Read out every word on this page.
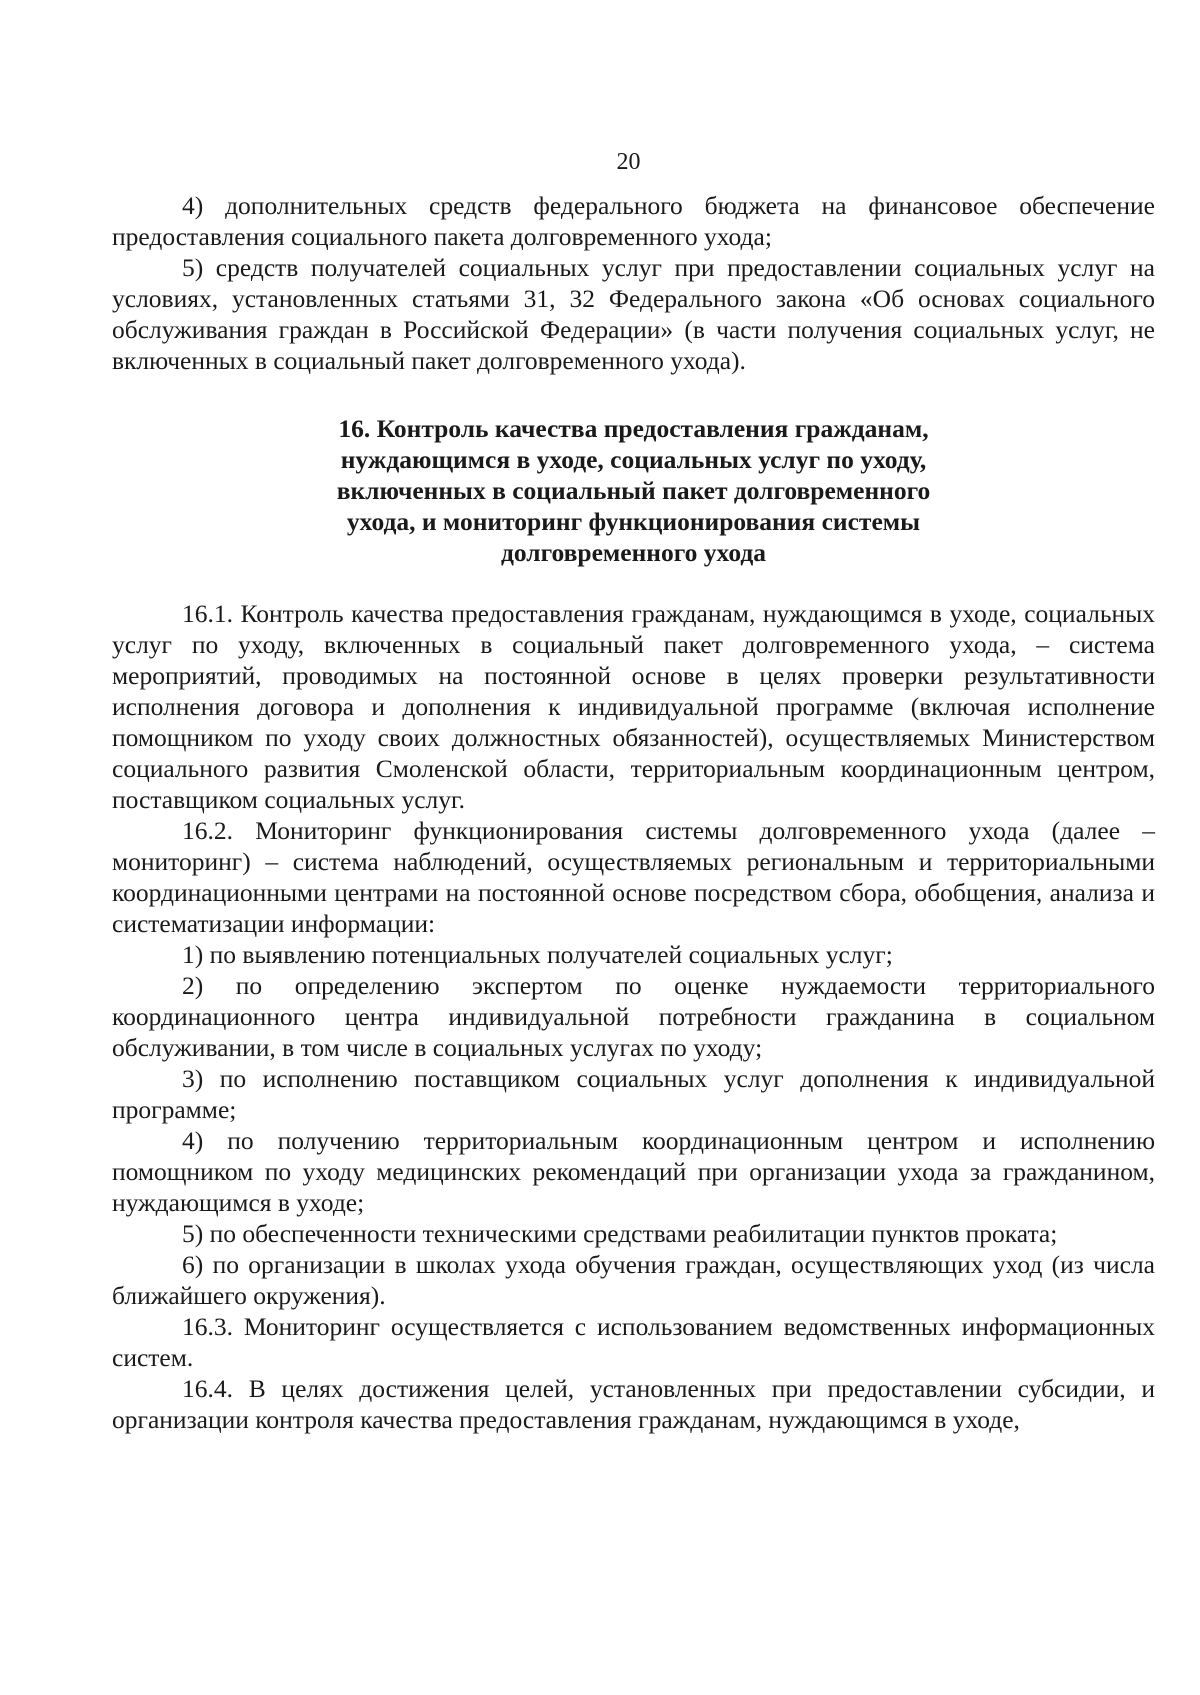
20

4) дополнительных средств федерального бюджета на финансовое обеспечение предоставления социального пакета долговременного ухода;

5) средств получателей социальных услуг при предоставлении социальных услуг на условиях, установленных статьями 31, 32 Федерального закона «Об основах социального обслуживания граждан в Российской Федерации» (в части получения социальных услуг, не включенных в социальный пакет долговременного ухода).

16. Контроль качества предоставления гражданам,
нуждающимся в уходе, социальных услуг по уходу,
включенных в социальный пакет долговременного
ухода, и мониторинг функционирования системы
долговременного ухода

16.1. Контроль качества предоставления гражданам, нуждающимся в уходе, социальных услуг по уходу, включенных в социальный пакет долговременного ухода, – система мероприятий, проводимых на постоянной основе в целях проверки результативности исполнения договора и дополнения к индивидуальной программе (включая исполнение помощником по уходу своих должностных обязанностей), осуществляемых Министерством социального развития Смоленской области, территориальным координационным центром, поставщиком социальных услуг.

16.2. Мониторинг функционирования системы долговременного ухода (далее – мониторинг) – система наблюдений, осуществляемых региональным и территориальными координационными центрами на постоянной основе посредством сбора, обобщения, анализа и систематизации информации:

1) по выявлению потенциальных получателей социальных услуг;

2) по определению экспертом по оценке нуждаемости территориального координационного центра индивидуальной потребности гражданина в социальном обслуживании, в том числе в социальных услугах по уходу;

3) по исполнению поставщиком социальных услуг дополнения к индивидуальной программе;

4) по получению территориальным координационным центром и исполнению помощником по уходу медицинских рекомендаций при организации ухода за гражданином, нуждающимся в уходе;

5) по обеспеченности техническими средствами реабилитации пунктов проката;

6) по организации в школах ухода обучения граждан, осуществляющих уход (из числа ближайшего окружения).

16.3. Мониторинг осуществляется с использованием ведомственных информационных систем.

16.4. В целях достижения целей, установленных при предоставлении субсидии, и организации контроля качества предоставления гражданам, нуждающимся в уходе,
